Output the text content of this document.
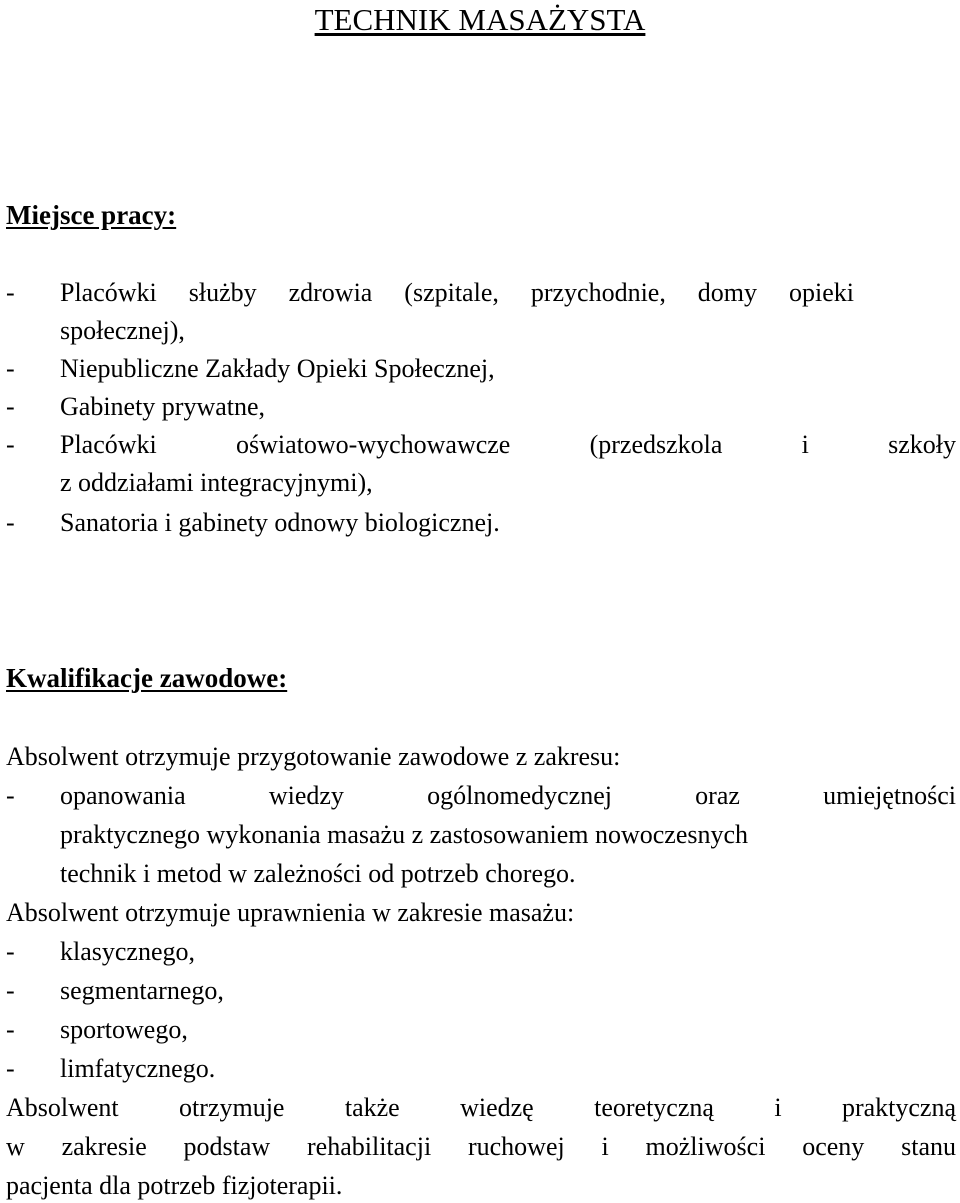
TECHNIK MASAŻYSTA
Miejsce pracy:
- Placówki służby zdrowia (szpitale, przychodnie, domy opieki
społecznej),
- Niepubliczne Zakłady Opieki Społecznej,
- Gabinety prywatne,
- Placówki oświatowo-wychowawcze (przedszkola i szkoły
z oddziałami integracyjnymi),
- Sanatoria i gabinety odnowy biologicznej.
Kwalifikacje zawodowe:
Absolwent otrzymuje przygotowanie zawodowe z zakresu:
- opanowania wiedzy ogólnomedycznej oraz umiejętności
praktycznego wykonania masażu z zastosowaniem nowoczesnych
technik i metod w zależności od potrzeb chorego.
Absolwent otrzymuje uprawnienia w zakresie masażu:
- klasycznego,
- segmentarnego,
- sportowego,
- limfatycznego.
Absolwent otrzymuje także wiedzę teoretyczną i praktyczną
w zakresie podstaw rehabilitacji ruchowej i możliwości oceny stanu
pacjenta dla potrzeb fizjoterapii.
